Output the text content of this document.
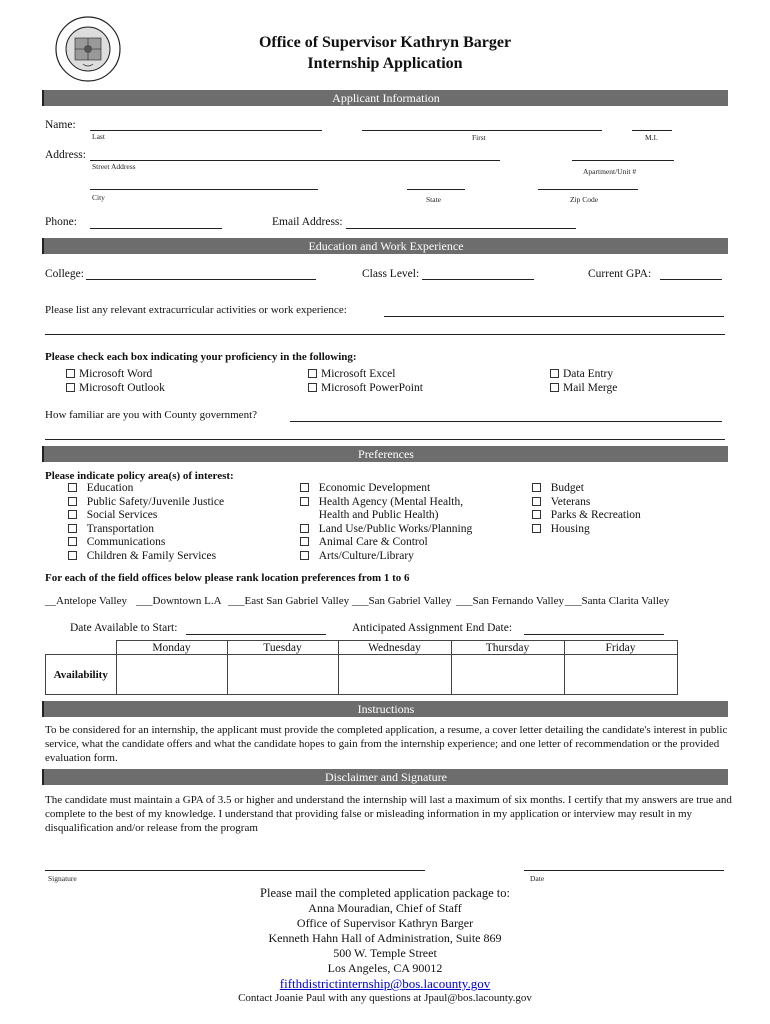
Office of Supervisor Kathryn Barger
Internship Application
Applicant Information
Name:
Last	First	M.I.
Address:
Street Address
Apartment/Unit #
City	State	Zip Code
Phone:	Email Address:
Education and Work Experience
College:	Class Level:	Current GPA:
Please list any relevant extracurricular activities or work experience:
Please check each box indicating your proficiency in the following:
Microsoft Word	Microsoft Excel	Data Entry
Microsoft Outlook	Microsoft PowerPoint	Mail Merge
How familiar are you with County government?
Preferences
Please indicate policy area(s) of interest:
Education
Public Safety/Juvenile Justice
Social Services
Transportation
Communications
Children & Family Services
Economic Development
Health Agency (Mental Health,
Health and Public Health)
Land Use/Public Works/Planning
Animal Care & Control
Arts/Culture/Library
Budget
Veterans
Parks & Recreation
Housing
For each of the field offices below please rank location preferences from 1 to 6
__Antelope Valley ___Downtown L.A ___East San Gabriel Valley ___San Gabriel Valley ___San Fernando Valley ___Santa Clarita Valley
Date Available to Start:	Anticipated Assignment End Date:
	Monday	Tuesday	Wednesday	Thursday	Friday
Availability					
Instructions
To be considered for an internship, the applicant must provide the completed application, a resume, a cover letter detailing the candidate's interest in public service, what the candidate offers and what the candidate hopes to gain from the internship experience; and one letter of recommendation or the provided evaluation form.
Disclaimer and Signature
The candidate must maintain a GPA of 3.5 or higher and understand the internship will last a maximum of six months. I certify that my answers are true and complete to the best of my knowledge. I understand that providing false or misleading information in my application or interview may result in my disqualification and/or release from the program
Signature	Date
Please mail the completed application package to:
Anna Mouradian, Chief of Staff
Office of Supervisor Kathryn Barger
Kenneth Hahn Hall of Administration, Suite 869
500 W. Temple Street
Los Angeles, CA 90012
fifthdistrictinternship@bos.lacounty.gov
Contact Joanie Paul with any questions at Jpaul@bos.lacounty.gov
